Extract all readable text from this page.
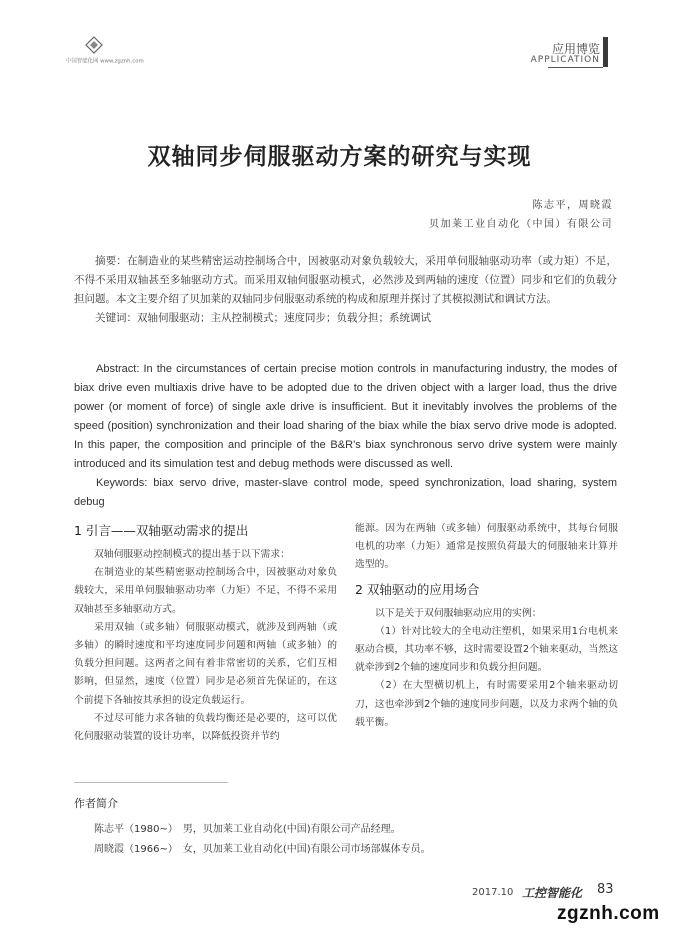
中国智能化网 www.zgznh.com
应用博览
APPLICATION
双轴同步伺服驱动方案的研究与实现
陈志平，周晓霞
贝加莱工业自动化（中国）有限公司

摘要：在制造业的某些精密运动控制场合中，因被驱动对象负载较大，采用单伺服轴驱动功率（或力矩）不足，不得不采用双轴甚至多轴驱动方式。而采用双轴伺服驱动模式，必然涉及到两轴的速度（位置）同步和它们的负载分担问题。本文主要介绍了贝加莱的双轴同步伺服驱动系统的构成和原理并探讨了其模拟测试和调试方法。

关键词：双轴伺服驱动；主从控制模式；速度同步；负载分担；系统调试

Abstract: In the circumstances of certain precise motion controls in manufacturing industry, the modes of biax drive even multiaxis drive have to be adopted due to the driven object with a larger load, thus the drive power (or moment of force) of single axle drive is insufficient. But it inevitably involves the problems of the speed (position) synchronization and their load sharing of the biax while the biax servo drive mode is adopted. In this paper, the composition and principle of the B&R’s biax synchronous servo drive system were mainly introduced and its simulation test and debug methods were discussed as well.

Keywords: biax servo drive, master-slave control mode, speed synchronization, load sharing, system debug

1 引言——双轴驱动需求的提出

双轴伺服驱动控制模式的提出基于以下需求：

在制造业的某些精密驱动控制场合中，因被驱动对象负载较大，采用单伺服轴驱动功率（力矩）不足，不得不采用双轴甚至多轴驱动方式。

采用双轴（或多轴）伺服驱动模式，就涉及到两轴（或多轴）的瞬时速度和平均速度同步问题和两轴（或多轴）的负载分担问题。这两者之间有着非常密切的关系，它们互相影响，但显然，速度（位置）同步是必须首先保证的，在这个前提下各轴按其承担的设定负载运行。

不过尽可能力求各轴的负载均衡还是必要的，这可以优化伺服驱动装置的设计功率，以降低投资并节约

能源。因为在两轴（或多轴）伺服驱动系统中，其每台伺服电机的功率（力矩）通常是按照负荷最大的伺服轴来计算并选型的。

2 双轴驱动的应用场合

以下是关于双伺服轴驱动应用的实例：

（1）针对比较大的全电动注塑机，如果采用1台电机来驱动合模，其功率不够，这时需要设置2个轴来驱动，当然这就牵涉到2个轴的速度同步和负载分担问题。

（2）在大型横切机上，有时需要采用2个轴来驱动切刀，这也牵涉到2个轴的速度同步问题，以及力求两个轴的负载平衡。

作者简介
陈志平（1980~）　男，贝加莱工业自动化(中国)有限公司产品经理。
周晓霞（1966~）　女，贝加莱工业自动化(中国)有限公司市场部媒体专员。
2017.10 工控智能化 83
zgznh.com
